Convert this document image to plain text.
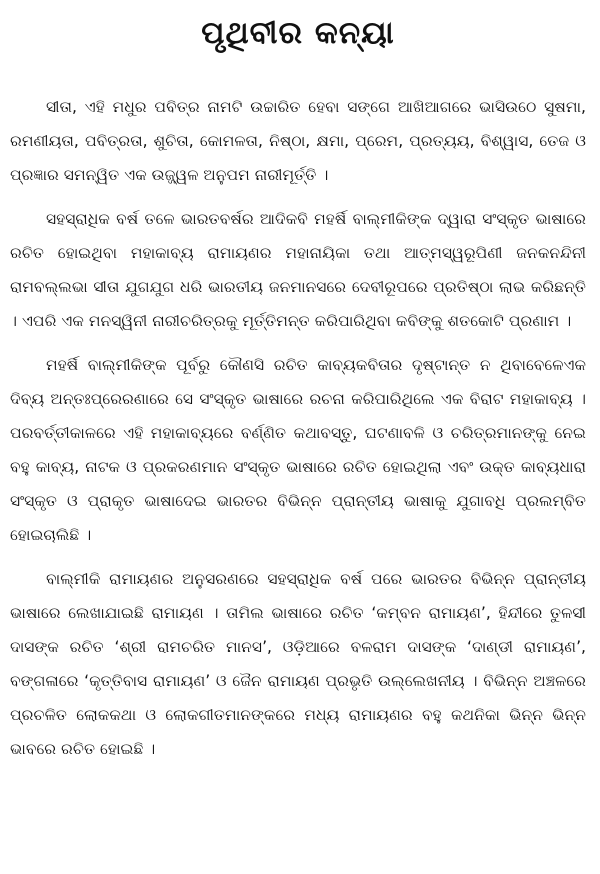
ପୃଥିବୀର କନ୍ୟା

ସୀତା, ଏହି ମଧୁର ପବିତ୍ର ନାମଟି ଉଚ୍ଚାରିତ ହେବା ସଙ୍ଗେ ଆଖିଆଗରେ ଭାସିଉଠେ ସୁଷମା, ରମଣୀୟତା, ପବିତ୍ରତା, ଶୁଚିତା, କୋମଳତା, ନିଷ୍ଠା, କ୍ଷମା, ପ୍ରେମ, ପ୍ରତ୍ୟୟ, ବିଶ୍ୱାସ, ତେଜ ଓ ପ୍ରଜ୍ଞାର ସମନ୍ୱିତ ଏକ ଉଜ୍ଜ୍ୱଳ ଅନୁପମ ନାରୀମୂର୍ତ୍ତି ।

ସହସ୍ରାଧିକ ବର୍ଷ ତଳେ ଭାରତବର୍ଷର ଆଦିକବି ମହର୍ଷି ବାଲ୍ମୀକିଙ୍କ ଦ୍ୱାରା ସଂସ୍କୃତ ଭାଷାରେ ରଚିତ ହୋଇଥିବା ମହାକାବ୍ୟ ରାମାୟଣର ମହାନାୟିକା ତଥା ଆତ୍ମସ୍ୱରୂପିଣୀ ଜନକନନ୍ଦିନୀ ରାମବଲ୍ଲଭା ସୀତା ଯୁଗଯୁଗ ଧରି ଭାରତୀୟ ଜନମାନସରେ ଦେବୀରୂପରେ ପ୍ରତିଷ୍ଠା ଲାଭ କରିଛନ୍ତି । ଏପରି ଏକ ମନସ୍ୱିନୀ ନାରୀଚରିତ୍ରକୁ ମୂର୍ତ୍ତିମନ୍ତ କରିପାରିଥିବା କବିଙ୍କୁ ଶତକୋଟି ପ୍ରଣାମ ।

ମହର୍ଷି ବାଲ୍ମୀକିଙ୍କ ପୂର୍ବରୁ କୌଣସି ରଚିତ କାବ୍ୟକବିତାର ଦୃଷ୍ଟାନ୍ତ ନ ଥିବାବେଳେଏକ ଦିବ୍ୟ ଅନ୍ତଃପ୍ରେରଣାରେ ସେ ସଂସ୍କୃତ ଭାଷାରେ ରଚନା କରିପାରିଥିଲେ ଏକ ବିରାଟ ମହାକାବ୍ୟ । ପରବର୍ତ୍ତୀକାଳରେ ଏହି ମହାକାବ୍ୟରେ ବର୍ଣ୍ଣିତ କଥାବସ୍ତୁ, ଘଟଣାବଳି ଓ ଚରିତ୍ରମାନଙ୍କୁ ନେଇ ବହୁ କାବ୍ୟ, ନାଟକ ଓ ପ୍ରକରଣମାନ ସଂସ୍କୃତ ଭାଷାରେ ରଚିତ ହୋଇଥିଲା ଏବଂ ଉକ୍ତ କାବ୍ୟଧାରା ସଂସ୍କୃତ ଓ ପ୍ରାକୃତ ଭାଷାଦେଇ ଭାରତର ବିଭିନ୍ନ ପ୍ରାନ୍ତୀୟ ଭାଷାକୁ ଯୁଗାବଧି ପ୍ରଲମ୍ବିତ ହୋଇଚାଲିଛି ।

ବାଲ୍ମୀକି ରାମାୟଣର ଅନୁସରଣରେ ସହସ୍ରାଧିକ ବର୍ଷ ପରେ ଭାରତର ବିଭିନ୍ନ ପ୍ରାନ୍ତୀୟ ଭାଷାରେ ଲେଖାଯାଇଛି ରାମାୟଣ । ତାମିଲ ଭାଷାରେ ରଚିତ ‘କମ୍ବନ ରାମାୟଣ’, ହିନ୍ଦୀରେ ତୁଳସୀ ଦାସଙ୍କ ରଚିତ ‘ଶ୍ରୀ ରାମଚରିତ ମାନସ’, ଓଡ଼ିଆରେ ବଳରାମ ଦାସଙ୍କ ‘ଦାଣ୍ଡୀ ରାମାୟଣ’, ବଙ୍ଗଳାରେ ‘କୃତ୍ତିବାସ ରାମାୟଣ’ ଓ ଜୈନ ରାମାୟଣ ପ୍ରଭୃତି ଉଲ୍ଲେଖନୀୟ । ବିଭିନ୍ନ ଅଞ୍ଚଳରେ ପ୍ରଚଳିତ ଲୋକକଥା ଓ ଲୋକଗୀତମାନଙ୍କରେ ମଧ୍ୟ ରାମାୟଣର ବହୁ କଥନିକା ଭିନ୍ନ ଭିନ୍ନ ଭାବରେ ରଚିତ ହୋଇଛି ।
